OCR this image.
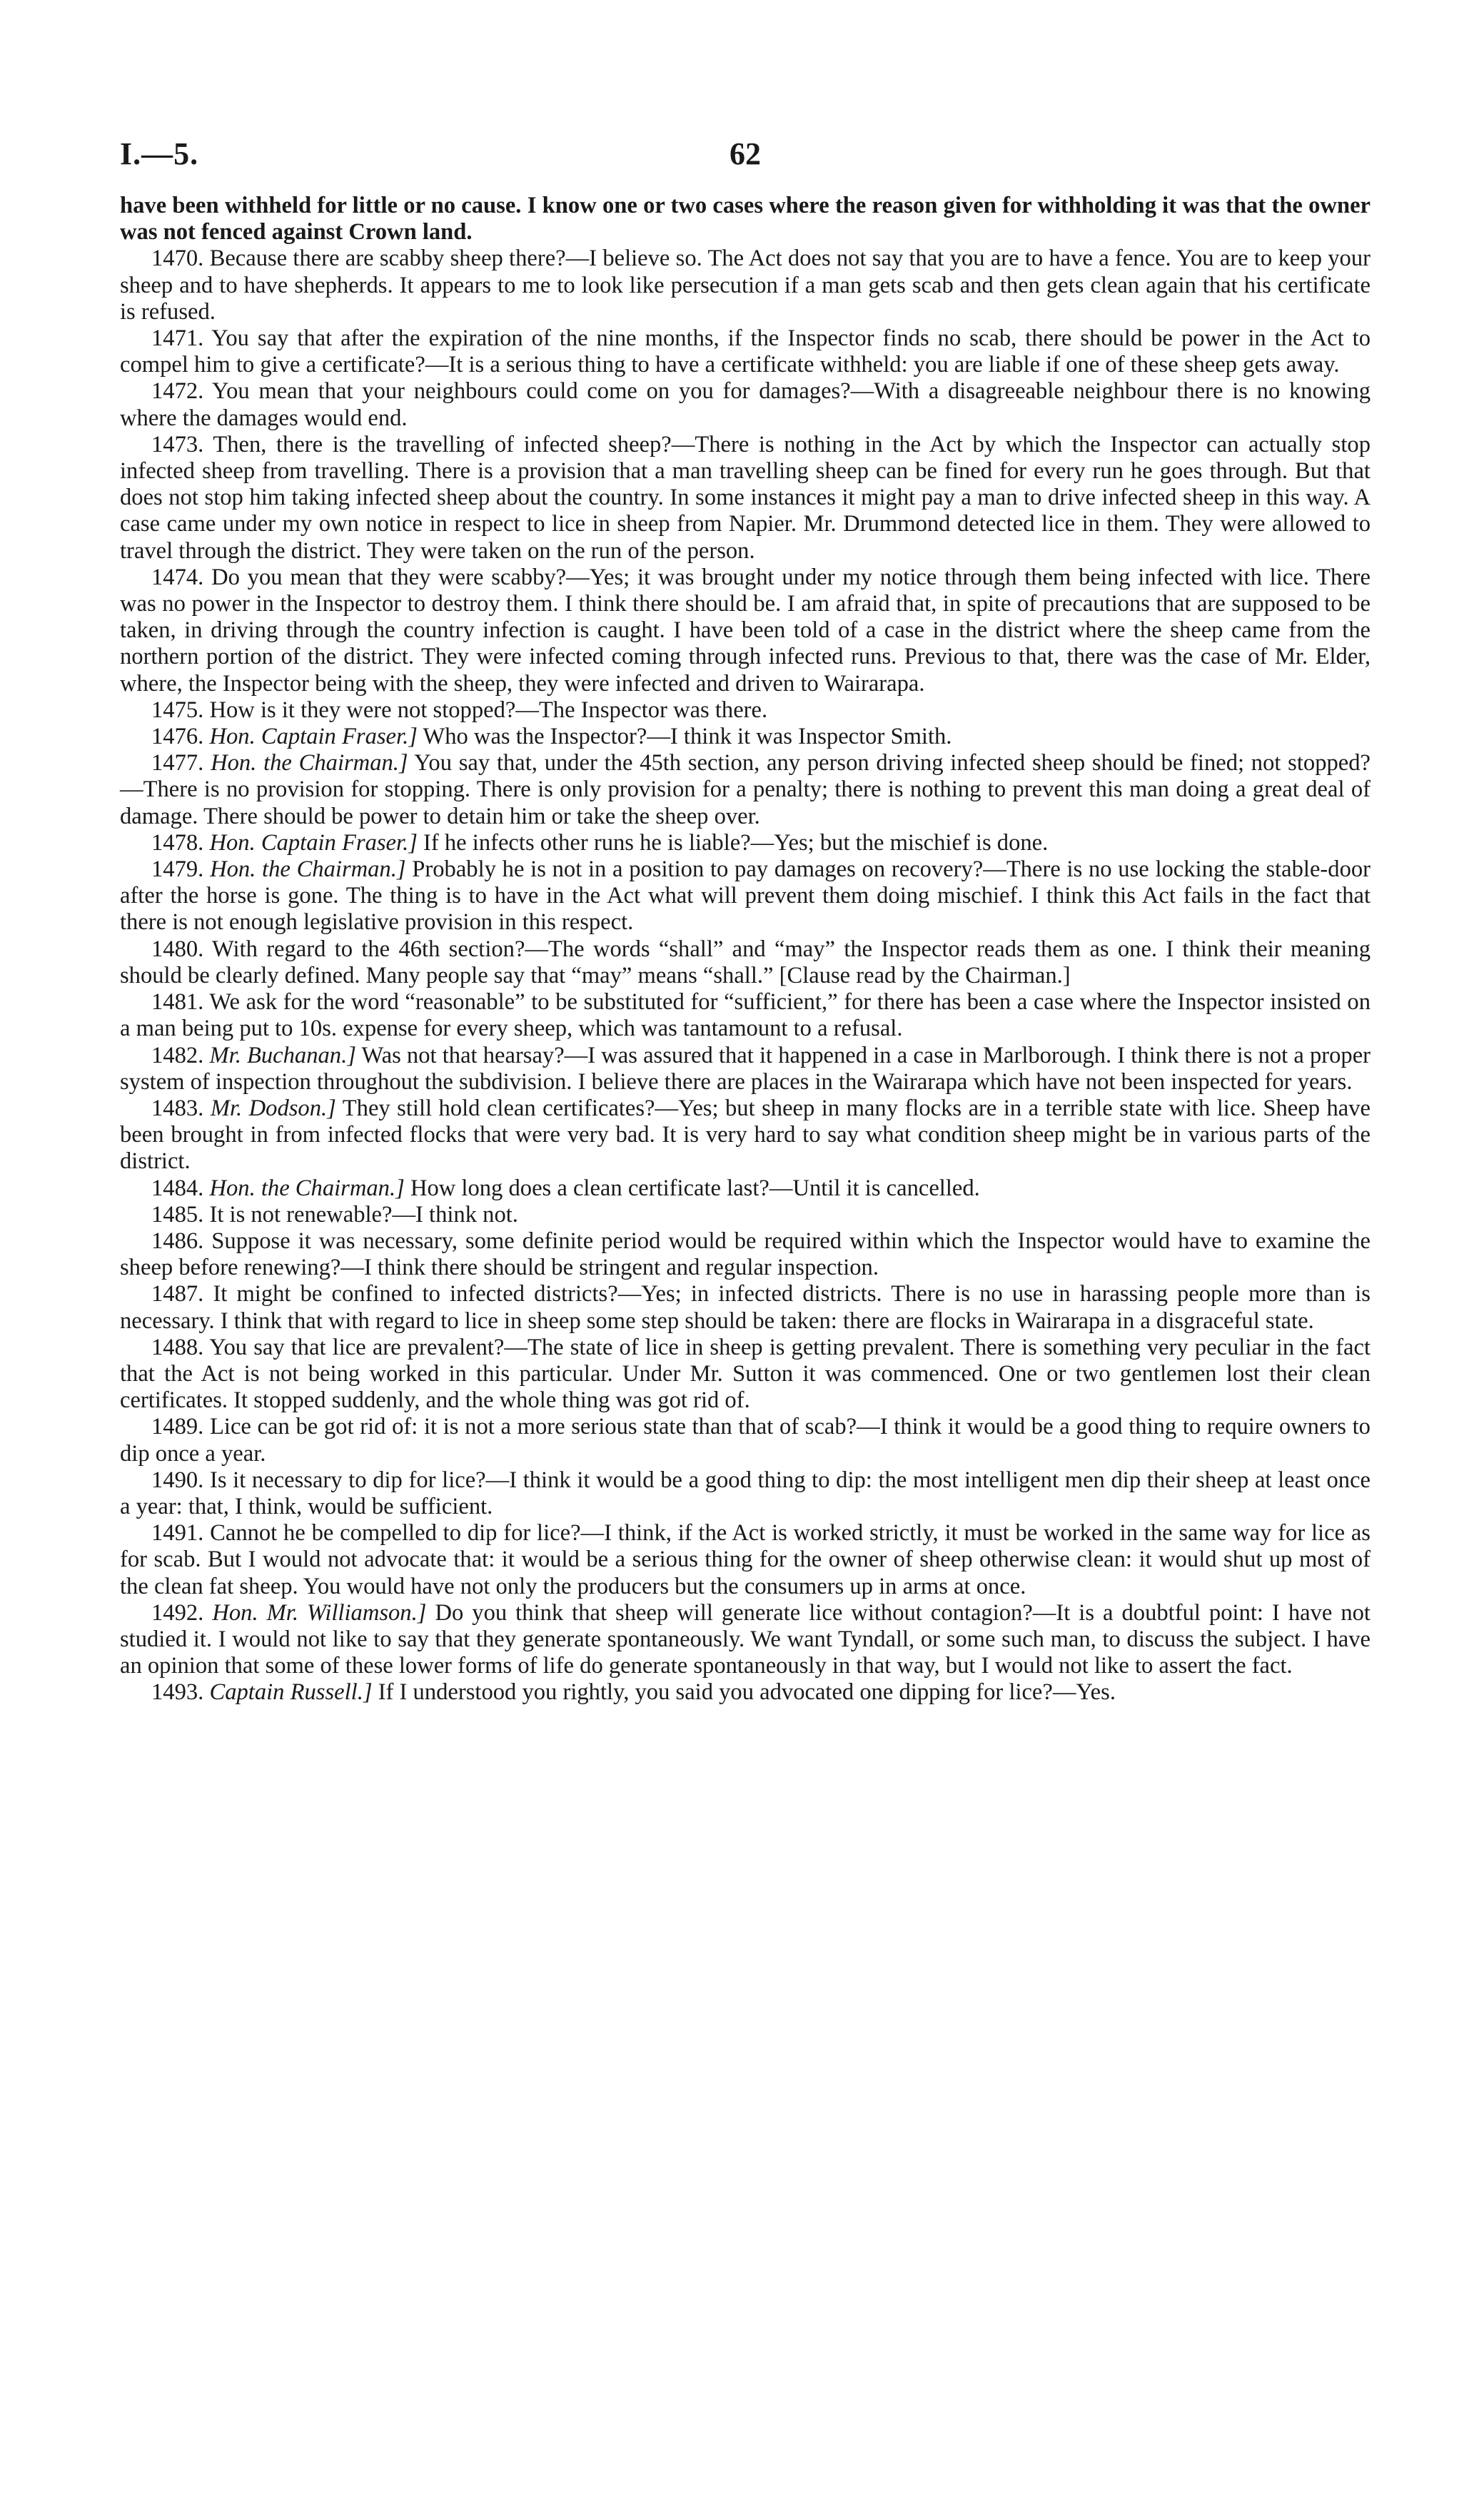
I.—5.	62

have been withheld for little or no cause. I know one or two cases where the reason given for withholding it was that the owner was not fenced against Crown land.

1470. Because there are scabby sheep there?—I believe so. The Act does not say that you are to have a fence. You are to keep your sheep and to have shepherds. It appears to me to look like persecution if a man gets scab and then gets clean again that his certificate is refused.

1471. You say that after the expiration of the nine months, if the Inspector finds no scab, there should be power in the Act to compel him to give a certificate?—It is a serious thing to have a certificate withheld: you are liable if one of these sheep gets away.

1472. You mean that your neighbours could come on you for damages?—With a disagreeable neighbour there is no knowing where the damages would end.

1473. Then, there is the travelling of infected sheep?—There is nothing in the Act by which the Inspector can actually stop infected sheep from travelling. There is a provision that a man travelling sheep can be fined for every run he goes through. But that does not stop him taking infected sheep about the country. In some instances it might pay a man to drive infected sheep in this way. A case came under my own notice in respect to lice in sheep from Napier. Mr. Drummond detected lice in them. They were allowed to travel through the district. They were taken on the run of the person.

1474. Do you mean that they were scabby?—Yes; it was brought under my notice through them being infected with lice. There was no power in the Inspector to destroy them. I think there should be. I am afraid that, in spite of precautions that are supposed to be taken, in driving through the country infection is caught. I have been told of a case in the district where the sheep came from the northern portion of the district. They were infected coming through infected runs. Previous to that, there was the case of Mr. Elder, where, the Inspector being with the sheep, they were infected and driven to Wairarapa.

1475. How is it they were not stopped?—The Inspector was there.

1476. Hon. Captain Fraser.] Who was the Inspector?—I think it was Inspector Smith.

1477. Hon. the Chairman.] You say that, under the 45th section, any person driving infected sheep should be fined; not stopped?—There is no provision for stopping. There is only provision for a penalty; there is nothing to prevent this man doing a great deal of damage. There should be power to detain him or take the sheep over.

1478. Hon. Captain Fraser.] If he infects other runs he is liable?—Yes; but the mischief is done.

1479. Hon. the Chairman.] Probably he is not in a position to pay damages on recovery?—There is no use locking the stable-door after the horse is gone. The thing is to have in the Act what will prevent them doing mischief. I think this Act fails in the fact that there is not enough legislative provision in this respect.

1480. With regard to the 46th section?—The words “shall” and “may” the Inspector reads them as one. I think their meaning should be clearly defined. Many people say that “may” means “shall.” [Clause read by the Chairman.]

1481. We ask for the word “reasonable” to be substituted for “sufficient,” for there has been a case where the Inspector insisted on a man being put to 10s. expense for every sheep, which was tantamount to a refusal.

1482. Mr. Buchanan.] Was not that hearsay?—I was assured that it happened in a case in Marlborough. I think there is not a proper system of inspection throughout the subdivision. I believe there are places in the Wairarapa which have not been inspected for years.

1483. Mr. Dodson.] They still hold clean certificates?—Yes; but sheep in many flocks are in a terrible state with lice. Sheep have been brought in from infected flocks that were very bad. It is very hard to say what condition sheep might be in various parts of the district.

1484. Hon. the Chairman.] How long does a clean certificate last?—Until it is cancelled.

1485. It is not renewable?—I think not.

1486. Suppose it was necessary, some definite period would be required within which the Inspector would have to examine the sheep before renewing?—I think there should be stringent and regular inspection.

1487. It might be confined to infected districts?—Yes; in infected districts. There is no use in harassing people more than is necessary. I think that with regard to lice in sheep some step should be taken: there are flocks in Wairarapa in a disgraceful state.

1488. You say that lice are prevalent?—The state of lice in sheep is getting prevalent. There is something very peculiar in the fact that the Act is not being worked in this particular. Under Mr. Sutton it was commenced. One or two gentlemen lost their clean certificates. It stopped suddenly, and the whole thing was got rid of.

1489. Lice can be got rid of: it is not a more serious state than that of scab?—I think it would be a good thing to require owners to dip once a year.

1490. Is it necessary to dip for lice?—I think it would be a good thing to dip: the most intelligent men dip their sheep at least once a year: that, I think, would be sufficient.

1491. Cannot he be compelled to dip for lice?—I think, if the Act is worked strictly, it must be worked in the same way for lice as for scab. But I would not advocate that: it would be a serious thing for the owner of sheep otherwise clean: it would shut up most of the clean fat sheep. You would have not only the producers but the consumers up in arms at once.

1492. Hon. Mr. Williamson.] Do you think that sheep will generate lice without contagion?—It is a doubtful point: I have not studied it. I would not like to say that they generate spontaneously. We want Tyndall, or some such man, to discuss the subject. I have an opinion that some of these lower forms of life do generate spontaneously in that way, but I would not like to assert the fact.

1493. Captain Russell.] If I understood you rightly, you said you advocated one dipping for lice?—Yes.
